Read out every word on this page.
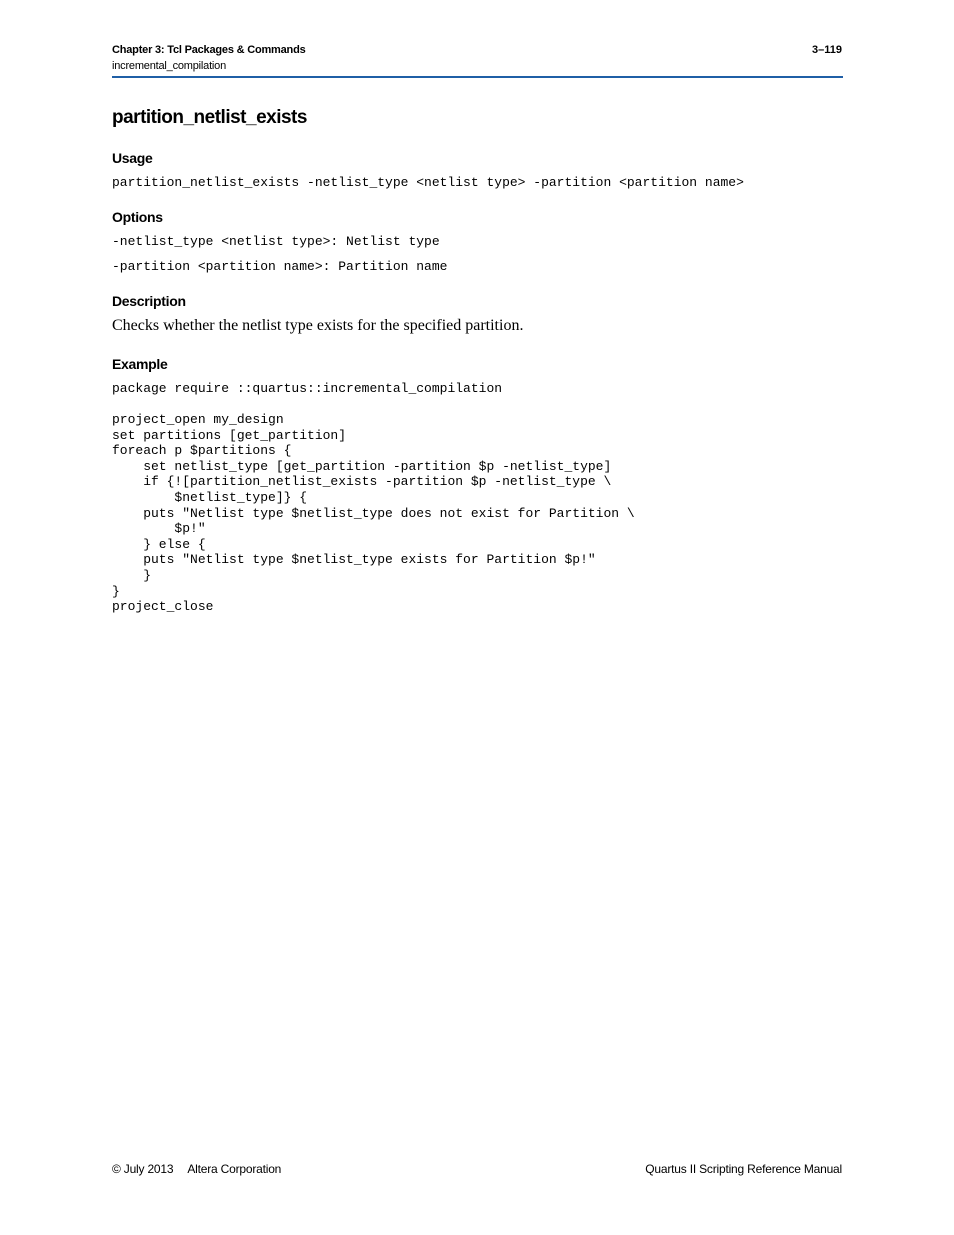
Chapter 3: Tcl Packages & Commands
incremental_compilation
3–119
partition_netlist_exists
Usage
partition_netlist_exists -netlist_type <netlist type> -partition <partition name>
Options
-netlist_type <netlist type>: Netlist type
-partition <partition name>: Partition name
Description
Checks whether the netlist type exists for the specified partition.
Example
package require ::quartus::incremental_compilation
project_open my_design
set partitions [get_partition]
foreach p $partitions {
set netlist_type [get_partition -partition $p -netlist_type]
if {![partition_netlist_exists -partition $p -netlist_type \
$netlist_type]} {
puts "Netlist type $netlist_type does not exist for Partition \
$p!"
} else {
puts "Netlist type $netlist_type exists for Partition $p!"
}
}
project_close
© July 2013 Altera Corporation	Quartus II Scripting Reference Manual
